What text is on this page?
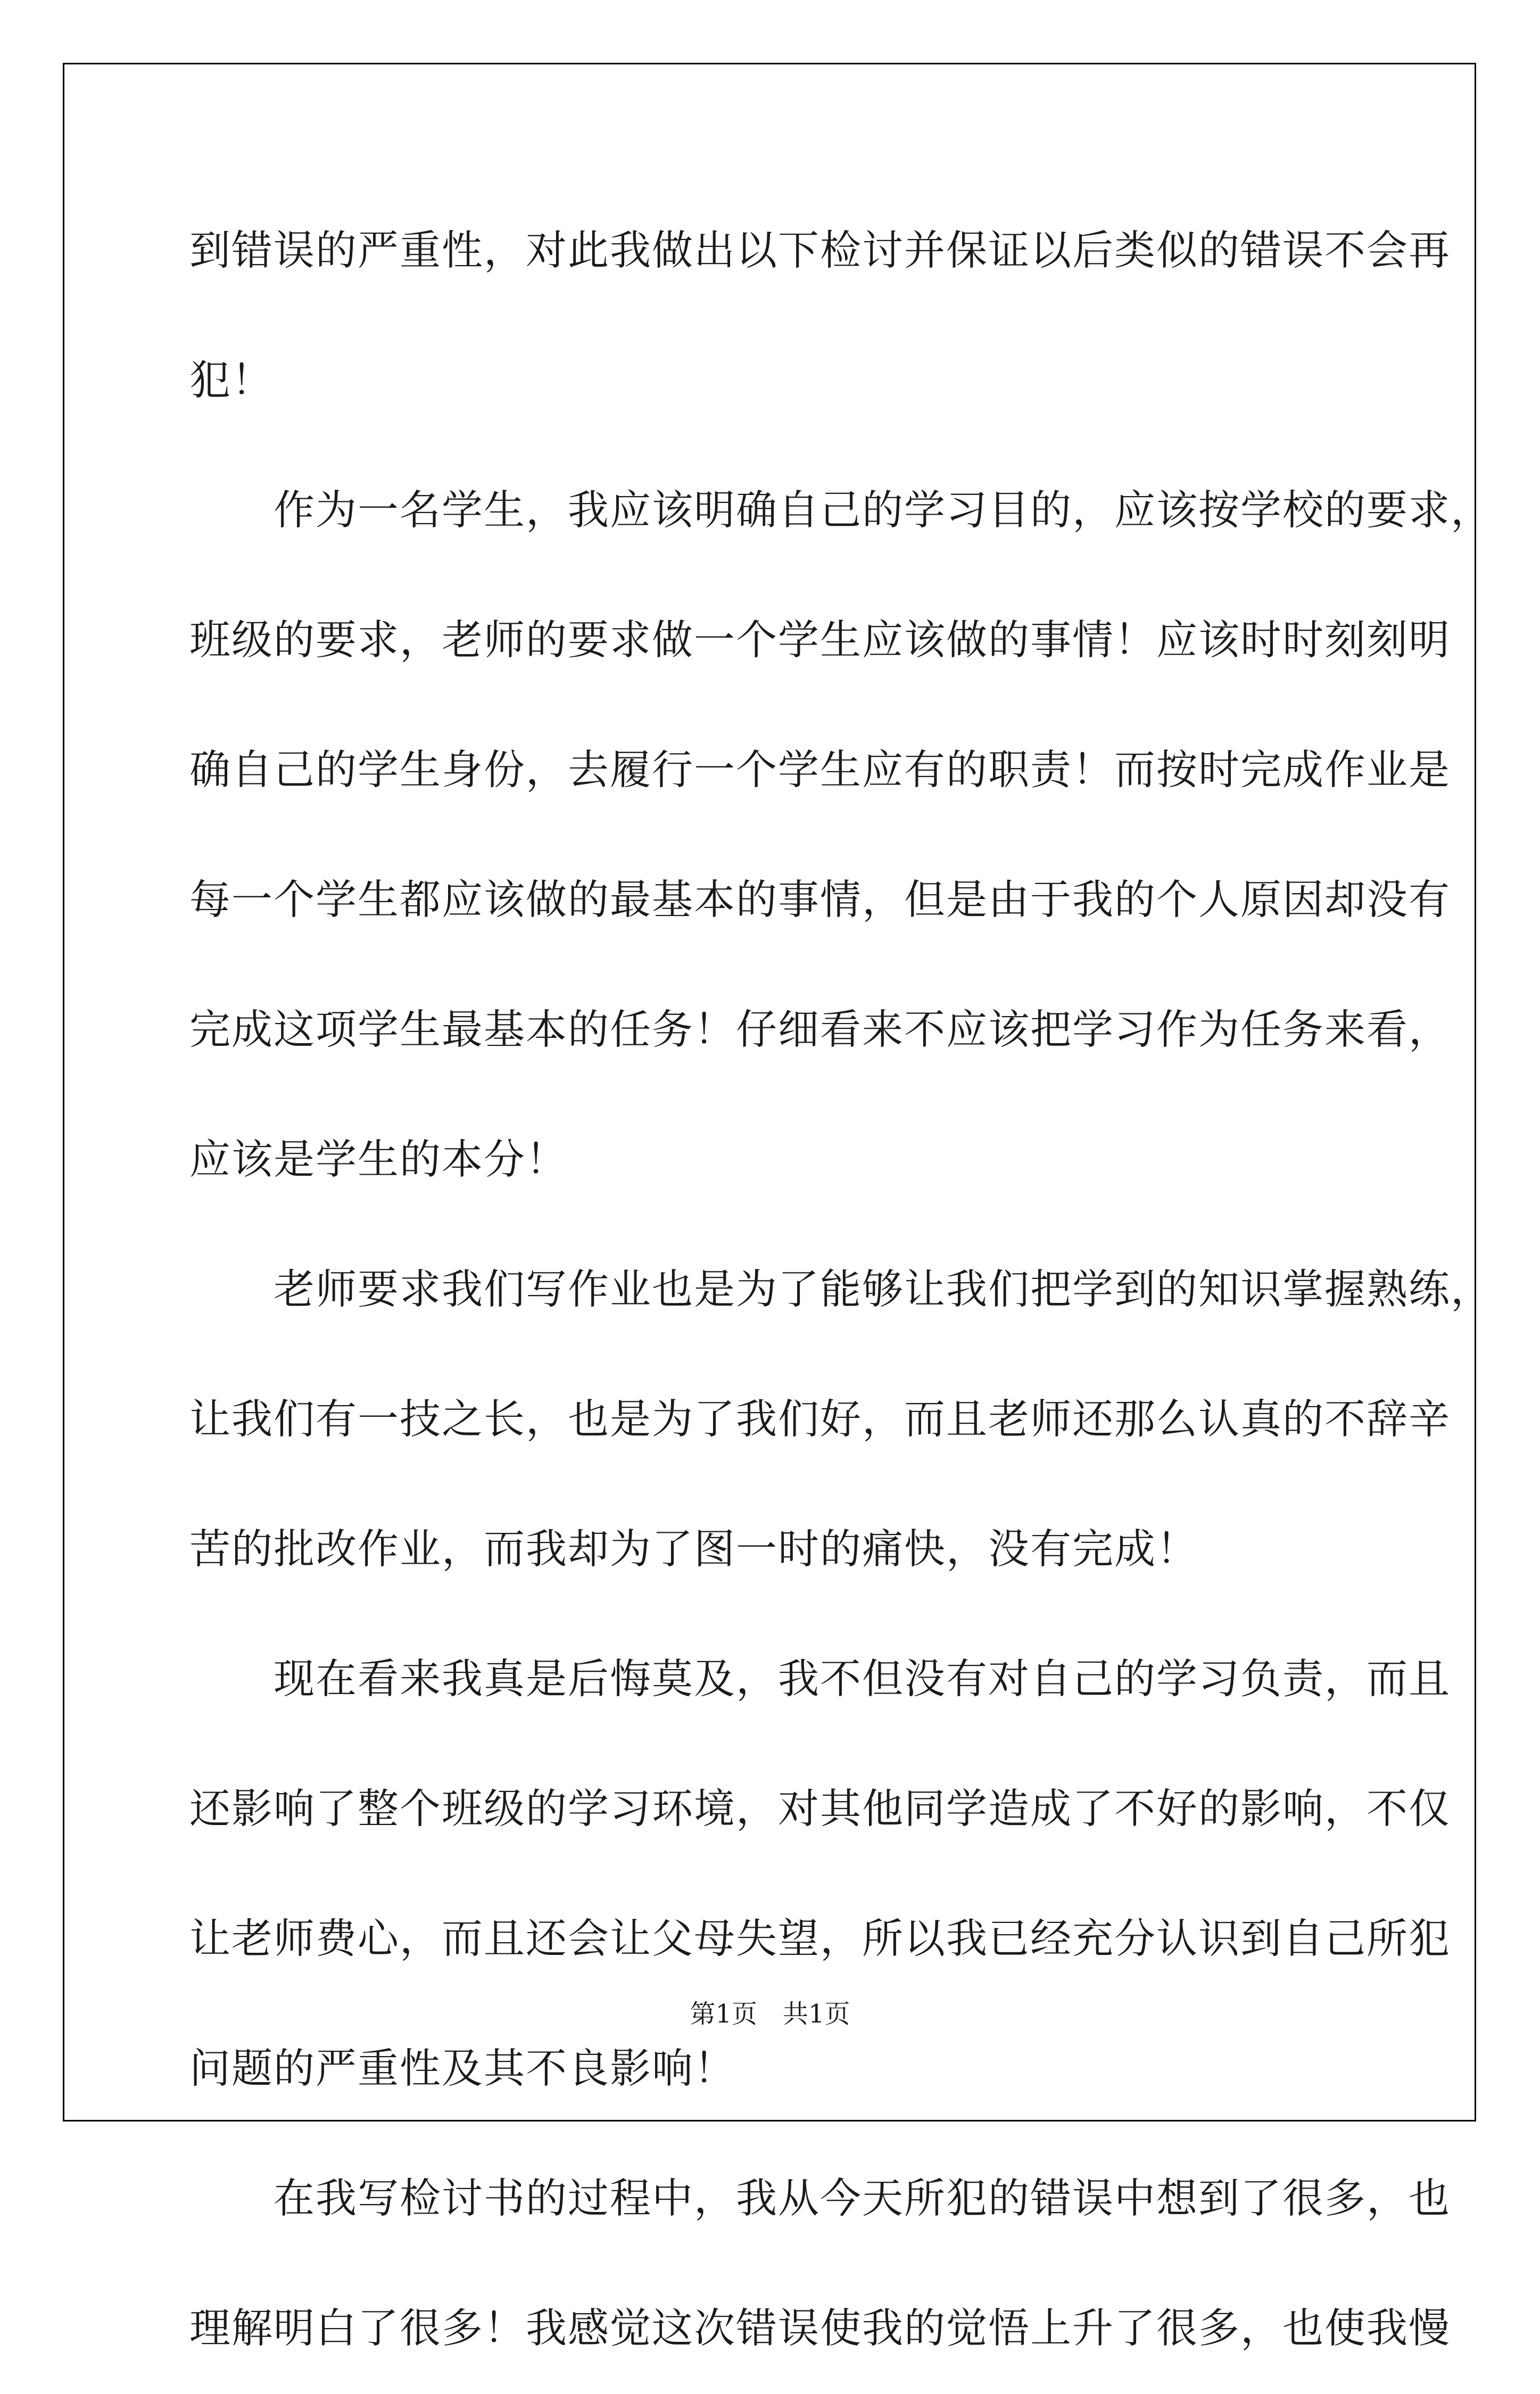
到错误的严重性，对此我做出以下检讨并保证以后类似的错误不会再
犯！
　　作为一名学生，我应该明确自己的学习目的，应该按学校的要求，
班级的要求，老师的要求做一个学生应该做的事情！应该时时刻刻明
确自己的学生身份，去履行一个学生应有的职责！而按时完成作业是
每一个学生都应该做的最基本的事情，但是由于我的个人原因却没有
完成这项学生最基本的任务！仔细看来不应该把学习作为任务来看，
应该是学生的本分！
　　老师要求我们写作业也是为了能够让我们把学到的知识掌握熟练，
让我们有一技之长，也是为了我们好，而且老师还那么认真的不辞辛
苦的批改作业，而我却为了图一时的痛快，没有完成！
　　现在看来我真是后悔莫及，我不但没有对自己的学习负责，而且
还影响了整个班级的学习环境，对其他同学造成了不好的影响，不仅
让老师费心，而且还会让父母失望，所以我已经充分认识到自己所犯
问题的严重性及其不良影响！
　　在我写检讨书的过程中，我从今天所犯的错误中想到了很多，也
理解明白了很多！我感觉这次错误使我的觉悟上升了很多，也使我慢
第1页　共1页
